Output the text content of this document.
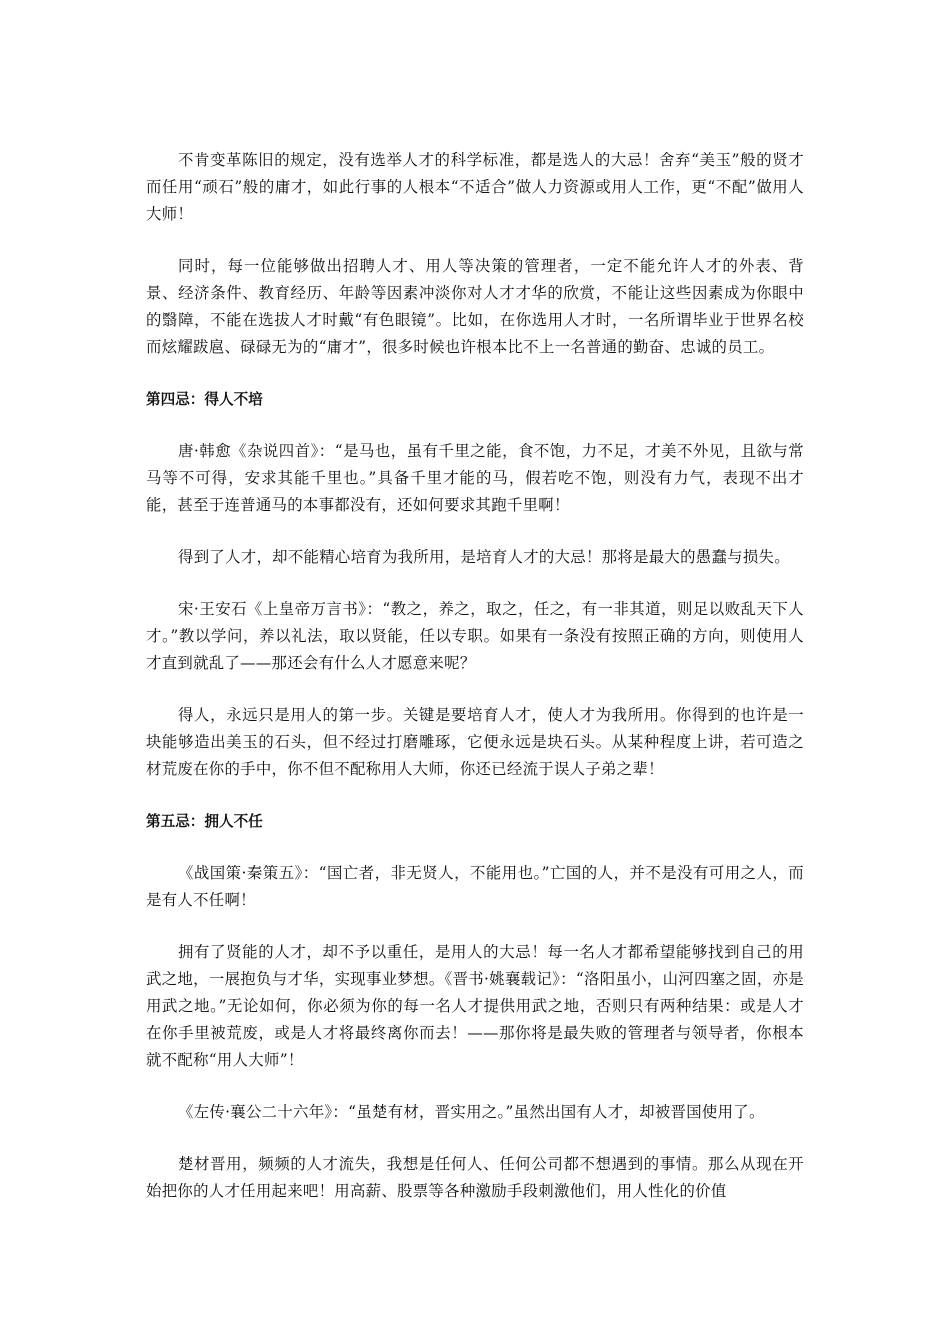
不肯变革陈旧的规定，没有选举人才的科学标准，都是选人的大忌！舍弃“美玉”般的贤才而任用“顽石”般的庸才，如此行事的人根本“不适合”做人力资源或用人工作，更“不配”做用人大师！

同时，每一位能够做出招聘人才、用人等决策的管理者，一定不能允许人才的外表、背景、经济条件、教育经历、年龄等因素冲淡你对人才才华的欣赏，不能让这些因素成为你眼中的翳障，不能在选拔人才时戴“有色眼镜”。比如，在你选用人才时，一名所谓毕业于世界名校而炫耀跋扈、碌碌无为的“庸才”，很多时候也许根本比不上一名普通的勤奋、忠诚的员工。

第四忌：得人不培

唐·韩愈《杂说四首》：“是马也，虽有千里之能，食不饱，力不足，才美不外见，且欲与常马等不可得，安求其能千里也。”具备千里才能的马，假若吃不饱，则没有力气，表现不出才能，甚至于连普通马的本事都没有，还如何要求其跑千里啊！

得到了人才，却不能精心培育为我所用，是培育人才的大忌！那将是最大的愚蠢与损失。

宋·王安石《上皇帝万言书》：“教之，养之，取之，任之，有一非其道，则足以败乱天下人才。”教以学问，养以礼法，取以贤能，任以专职。如果有一条没有按照正确的方向，则使用人才直到就乱了——那还会有什么人才愿意来呢？

得人，永远只是用人的第一步。关键是要培育人才，使人才为我所用。你得到的也许是一块能够造出美玉的石头，但不经过打磨雕琢，它便永远是块石头。从某种程度上讲，若可造之材荒废在你的手中，你不但不配称用人大师，你还已经流于误人子弟之辈！

第五忌：拥人不任

《战国策·秦策五》：“国亡者，非无贤人，不能用也。”亡国的人，并不是没有可用之人，而是有人不任啊！

拥有了贤能的人才，却不予以重任，是用人的大忌！每一名人才都希望能够找到自己的用武之地，一展抱负与才华，实现事业梦想。《晋书·姚襄载记》：“洛阳虽小，山河四塞之固，亦是用武之地。”无论如何，你必须为你的每一名人才提供用武之地，否则只有两种结果：或是人才在你手里被荒废，或是人才将最终离你而去！——那你将是最失败的管理者与领导者，你根本就不配称“用人大师”！

《左传·襄公二十六年》：“虽楚有材，晋实用之。”虽然出国有人才，却被晋国使用了。

楚材晋用，频频的人才流失，我想是任何人、任何公司都不想遇到的事情。那么从现在开始把你的人才任用起来吧！用高薪、股票等各种激励手段刺激他们，用人性化的价值
